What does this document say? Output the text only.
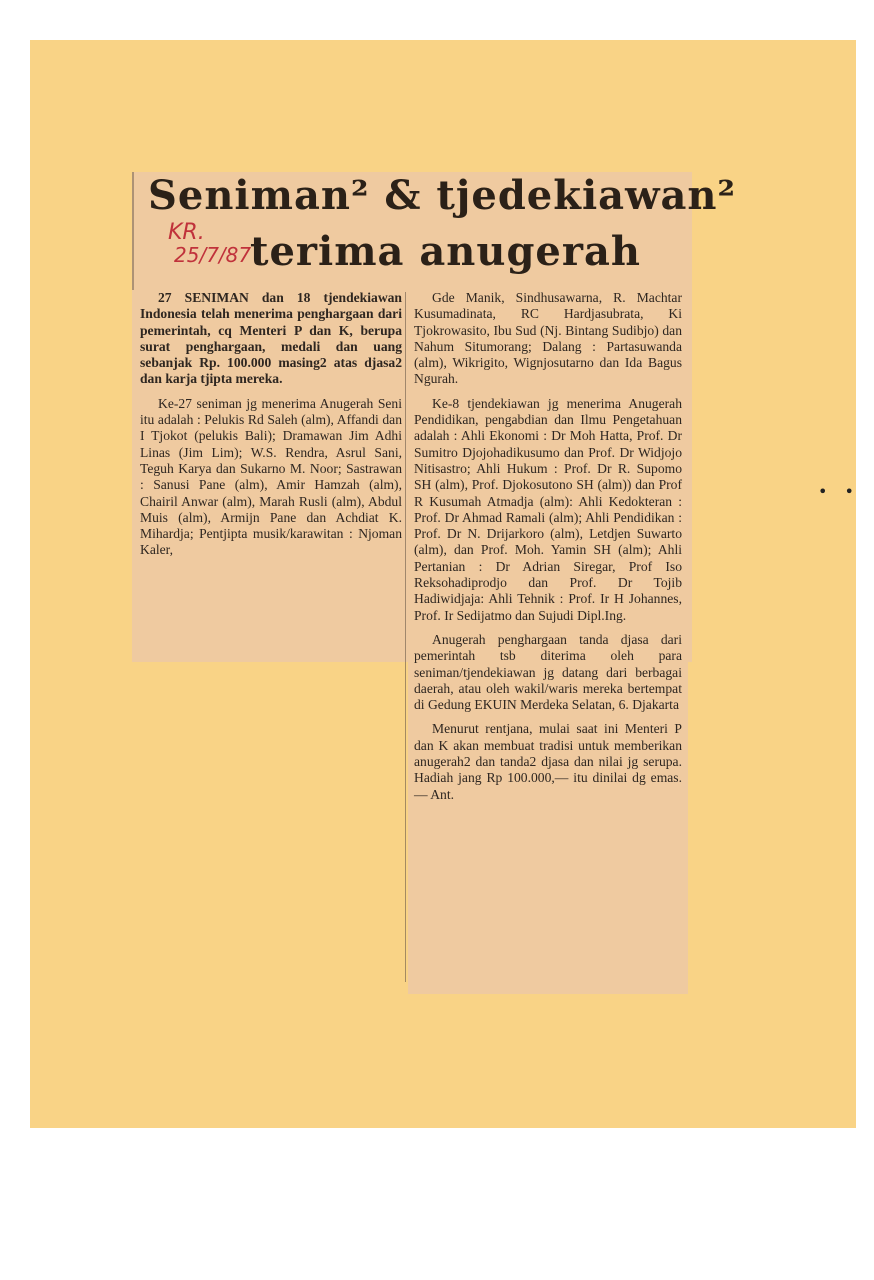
Seniman² & tjedekiawan²
terima anugerah
KR.
25/7/87

27 SENIMAN dan 18 tjendekiawan Indonesia telah menerima penghargaan dari pemerintah, cq Menteri P dan K, berupa surat penghargaan, medali dan uang sebanjak Rp. 100.000 masing2 atas djasa2 dan karja tjipta mereka.

Ke-27 seniman jg menerima Anugerah Seni itu adalah : Pelukis Rd Saleh (alm), Affandi dan I Tjokot (pelukis Bali); Dramawan Jim Adhi Linas (Jim Lim); W.S. Rendra, Asrul Sani, Teguh Karya dan Sukarno M. Noor; Sastrawan : Sanusi Pane (alm), Amir Hamzah (alm), Chairil Anwar (alm), Marah Rusli (alm), Abdul Muis (alm), Armijn Pane dan Achdiat K. Mihardja; Pentjipta musik/karawitan : Njoman Kaler,

Gde Manik, Sindhusawarna, R. Machtar Kusumadinata, RC Hardjasubrata, Ki Tjokrowasito, Ibu Sud (Nj. Bintang Sudibjo) dan Nahum Situmorang; Dalang : Partasuwanda (alm), Wikrigito, Wignjosutarno dan Ida Bagus Ngurah.

Ke-8 tjendekiawan jg menerima Anugerah Pendidikan, pengabdian dan Ilmu Pengetahuan adalah : Ahli Ekonomi : Dr Moh Hatta, Prof. Dr Sumitro Djojohadikusumo dan Prof. Dr Widjojo Nitisastro; Ahli Hukum : Prof. Dr R. Supomo SH (alm), Prof. Djokosutono SH (alm)) dan Prof R Kusumah Atmadja (alm): Ahli Kedokteran : Prof. Dr Ahmad Ramali (alm); Ahli Pendidikan : Prof. Dr N. Drijarkoro (alm), Letdjen Suwarto (alm), dan Prof. Moh. Yamin SH (alm); Ahli Pertanian : Dr Adrian Siregar, Prof Iso Reksohadiprodjo dan Prof. Dr Tojib Hadiwidjaja: Ahli Tehnik : Prof. Ir H Johannes, Prof. Ir Sedijatmo dan Sujudi Dipl.Ing.

Anugerah penghargaan tanda djasa dari pemerintah tsb diterima oleh para seniman/tjendekiawan jg datang dari berbagai daerah, atau oleh wakil/waris mereka bertempat di Gedung EKUIN Merdeka Selatan, 6. Djakarta

Menurut rentjana, mulai saat ini Menteri P dan K akan membuat tradisi untuk memberikan anugerah2 dan tanda2 djasa dan nilai jg serupa. Hadiah jang Rp 100.000,— itu dinilai dg emas. — Ant.

• •
